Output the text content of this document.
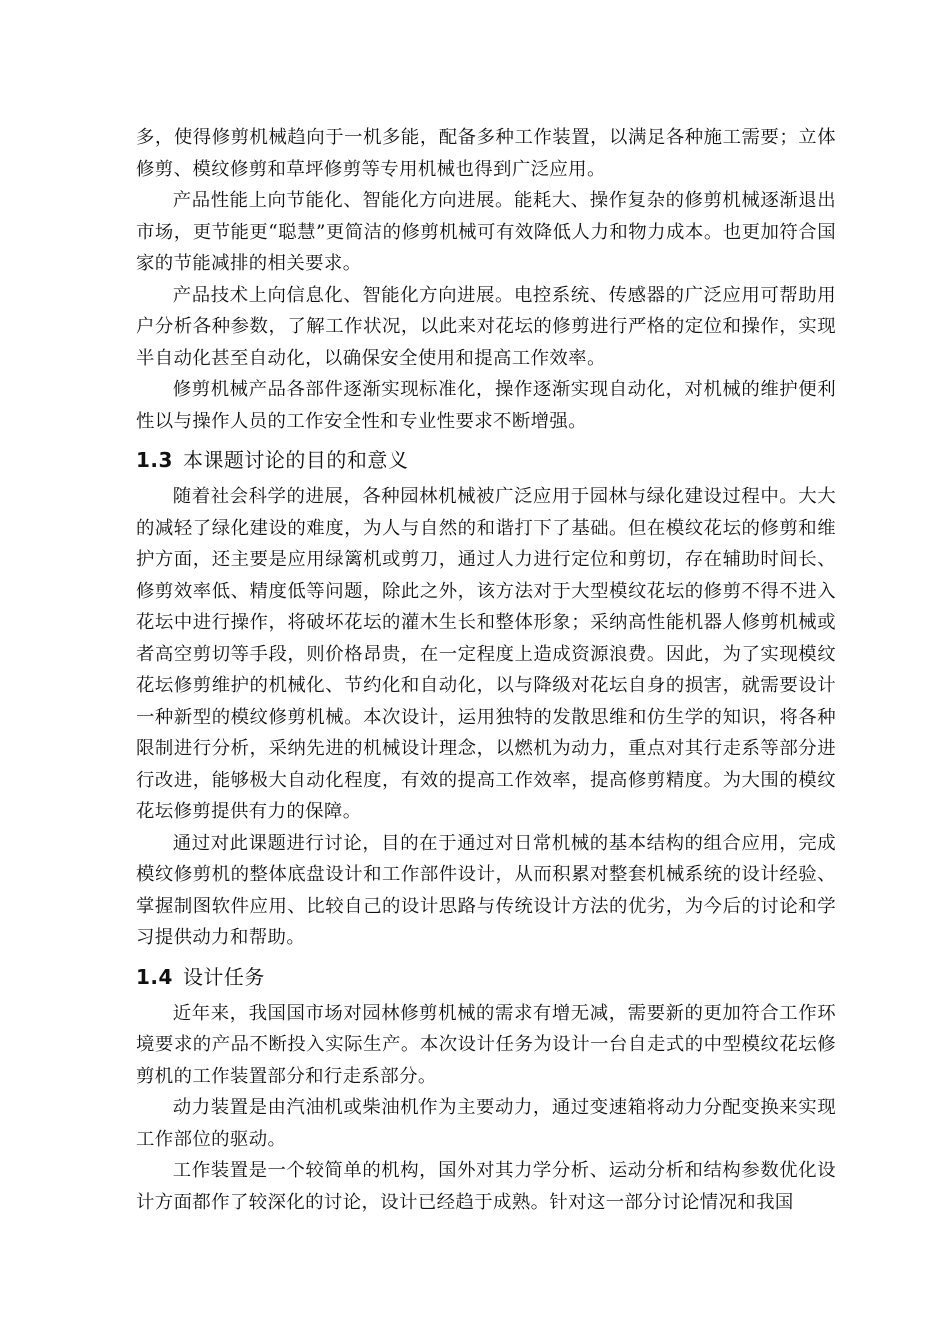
多，使得修剪机械趋向于一机多能，配备多种工作装置，以满足各种施工需要；立体修剪、模纹修剪和草坪修剪等专用机械也得到广泛应用。

产品性能上向节能化、智能化方向进展。能耗大、操作复杂的修剪机械逐渐退出市场，更节能更“聪慧”更简洁的修剪机械可有效降低人力和物力成本。也更加符合国家的节能减排的相关要求。

产品技术上向信息化、智能化方向进展。电控系统、传感器的广泛应用可帮助用户分析各种参数，了解工作状况，以此来对花坛的修剪进行严格的定位和操作，实现半自动化甚至自动化，以确保安全使用和提高工作效率。

修剪机械产品各部件逐渐实现标准化，操作逐渐实现自动化，对机械的维护便利性以与操作人员的工作安全性和专业性要求不断增强。

1.3 本课题讨论的目的和意义

随着社会科学的进展，各种园林机械被广泛应用于园林与绿化建设过程中。大大的减轻了绿化建设的难度，为人与自然的和谐打下了基础。但在模纹花坛的修剪和维护方面，还主要是应用绿篱机或剪刀，通过人力进行定位和剪切，存在辅助时间长、修剪效率低、精度低等问题，除此之外，该方法对于大型模纹花坛的修剪不得不进入花坛中进行操作，将破坏花坛的灌木生长和整体形象；采纳高性能机器人修剪机械或者高空剪切等手段，则价格昂贵，在一定程度上造成资源浪费。因此，为了实现模纹花坛修剪维护的机械化、节约化和自动化，以与降级对花坛自身的损害，就需要设计一种新型的模纹修剪机械。本次设计，运用独特的发散思维和仿生学的知识，将各种限制进行分析，采纳先进的机械设计理念，以燃机为动力，重点对其行走系等部分进行改进，能够极大自动化程度，有效的提高工作效率，提高修剪精度。为大围的模纹花坛修剪提供有力的保障。

通过对此课题进行讨论，目的在于通过对日常机械的基本结构的组合应用，完成模纹修剪机的整体底盘设计和工作部件设计，从而积累对整套机械系统的设计经验、掌握制图软件应用、比较自己的设计思路与传统设计方法的优劣，为今后的讨论和学习提供动力和帮助。

1.4 设计任务

近年来，我国国市场对园林修剪机械的需求有增无减，需要新的更加符合工作环境要求的产品不断投入实际生产。本次设计任务为设计一台自走式的中型模纹花坛修剪机的工作装置部分和行走系部分。

动力装置是由汽油机或柴油机作为主要动力，通过变速箱将动力分配变换来实现工作部位的驱动。

工作装置是一个较简单的机构，国外对其力学分析、运动分析和结构参数优化设计方面都作了较深化的讨论，设计已经趋于成熟。针对这一部分讨论情况和我国
